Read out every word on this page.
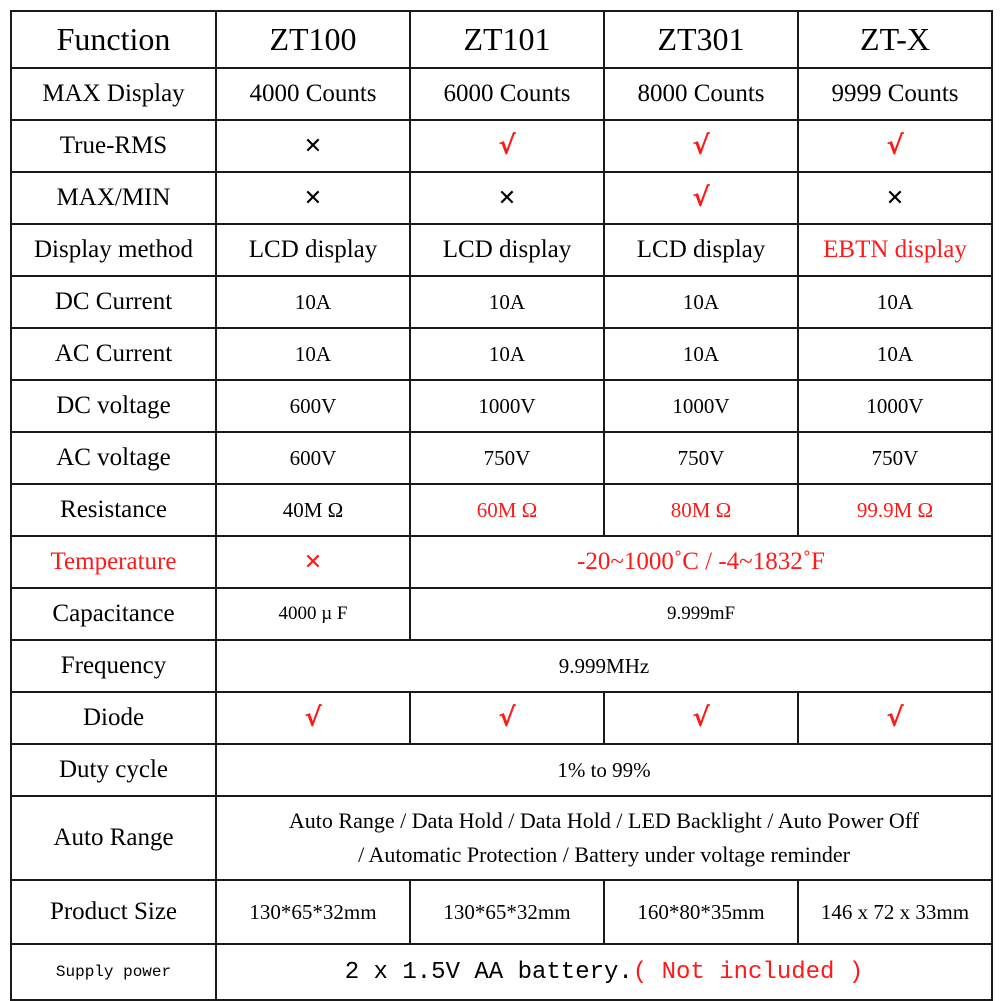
Function	ZT100	ZT101	ZT301	ZT-X
MAX Display	4000 Counts	6000 Counts	8000 Counts	9999 Counts
True-RMS	✕	√	√	√
MAX/MIN	✕	✕	√	✕
Display method	LCD display	LCD display	LCD display	EBTN display
DC Current	10A	10A	10A	10A
AC Current	10A	10A	10A	10A
DC voltage	600V	1000V	1000V	1000V
AC voltage	600V	750V	750V	750V
Resistance	40M Ω	60M Ω	80M Ω	99.9M Ω
Temperature	✕	-20~1000˚C / -4~1832˚F		
Capacitance	4000 µ F	9.999mF		
Frequency	9.999MHz			
Diode	√	√	√	√
Duty cycle	1% to 99%			
Auto Range	Auto Range / Data Hold / Data Hold / LED Backlight / Auto Power Off
/ Automatic Protection / Battery under voltage reminder			

Product Size	130*65*32mm	130*65*32mm	160*80*35mm	146 x 72 x 33mm
Supply power	2 x 1.5V AA battery.( Not included )			
